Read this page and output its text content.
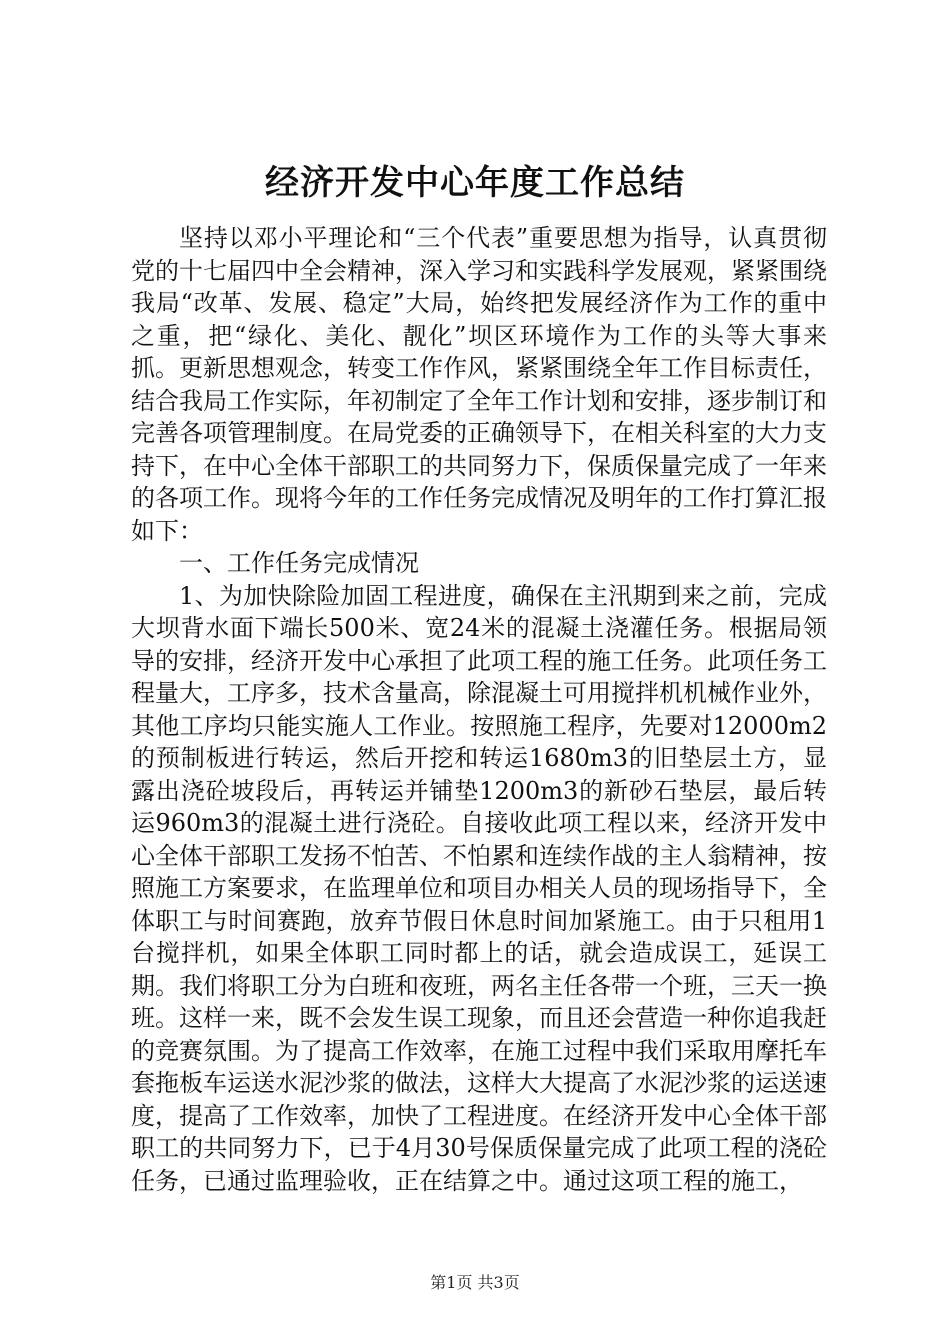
经济开发中心年度工作总结

坚持以邓小平理论和“三个代表”重要思想为指导，认真贯彻党的十七届四中全会精神，深入学习和实践科学发展观，紧紧围绕我局“改革、发展、稳定”大局，始终把发展经济作为工作的重中之重，把“绿化、美化、靓化”坝区环境作为工作的头等大事来抓。更新思想观念，转变工作作风，紧紧围绕全年工作目标责任，结合我局工作实际，年初制定了全年工作计划和安排，逐步制订和完善各项管理制度。在局党委的正确领导下，在相关科室的大力支持下，在中心全体干部职工的共同努力下，保质保量完成了一年来的各项工作。现将今年的工作任务完成情况及明年的工作打算汇报如下：

一、工作任务完成情况

1、为加快除险加固工程进度，确保在主汛期到来之前，完成大坝背水面下端长500米、宽24米的混凝土浇灌任务。根据局领导的安排，经济开发中心承担了此项工程的施工任务。此项任务工程量大，工序多，技术含量高，除混凝土可用搅拌机机械作业外，其他工序均只能实施人工作业。按照施工程序，先要对12000m2的预制板进行转运，然后开挖和转运1680m3的旧垫层土方，显露出浇砼坡段后，再转运并铺垫1200m3的新砂石垫层，最后转运960m3的混凝土进行浇砼。自接收此项工程以来，经济开发中心全体干部职工发扬不怕苦、不怕累和连续作战的主人翁精神，按照施工方案要求，在监理单位和项目办相关人员的现场指导下，全体职工与时间赛跑，放弃节假日休息时间加紧施工。由于只租用1台搅拌机，如果全体职工同时都上的话，就会造成误工，延误工期。我们将职工分为白班和夜班，两名主任各带一个班，三天一换班。这样一来，既不会发生误工现象，而且还会营造一种你追我赶的竞赛氛围。为了提高工作效率，在施工过程中我们采取用摩托车套拖板车运送水泥沙浆的做法，这样大大提高了水泥沙浆的运送速度，提高了工作效率，加快了工程进度。在经济开发中心全体干部职工的共同努力下，已于4月30号保质保量完成了此项工程的浇砼任务，已通过监理验收，正在结算之中。通过这项工程的施工，

第1页 共3页
